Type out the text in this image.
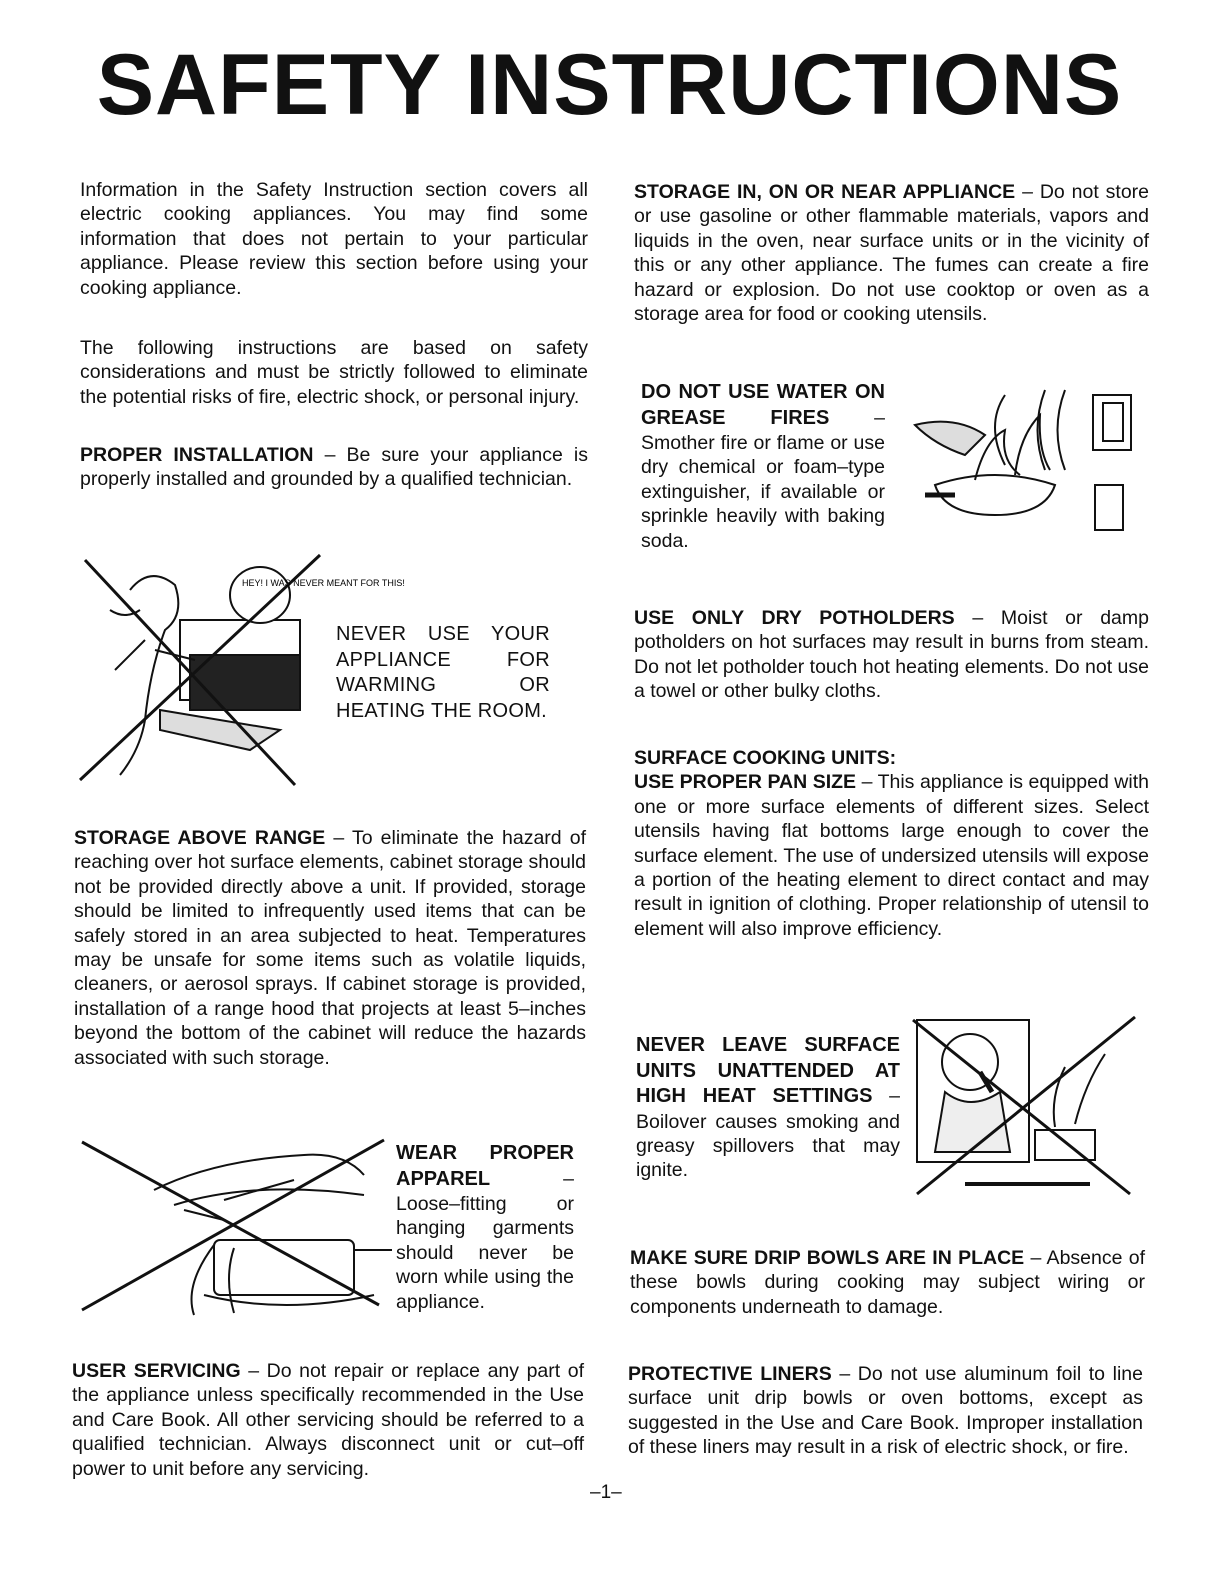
SAFETY INSTRUCTIONS
Information in the Safety Instruction section covers all electric cooking appliances. You may find some information that does not pertain to your particular appliance. Please review this section before using your cooking appliance.
The following instructions are based on safety considerations and must be strictly followed to eliminate the potential risks of fire, electric shock, or personal injury.
PROPER INSTALLATION – Be sure your appliance is properly installed and grounded by a qualified technician.
HEY! I WAS NEVER MEANT FOR THIS!
NEVER USE YOUR APPLIANCE FOR WARMING OR HEATING THE ROOM.
STORAGE ABOVE RANGE – To eliminate the hazard of reaching over hot surface elements, cabinet storage should not be provided directly above a unit. If provided, storage should be limited to infrequently used items that can be safely stored in an area subjected to heat. Temperatures may be unsafe for some items such as volatile liquids, cleaners, or aerosol sprays. If cabinet storage is provided, installation of a range hood that projects at least 5–inches beyond the bottom of the cabinet will reduce the hazards associated with such storage.
WEAR PROPER APPAREL – Loose–fitting or hanging garments should never be worn while using the appliance.
USER SERVICING – Do not repair or replace any part of the appliance unless specifically recommended in the Use and Care Book. All other servicing should be referred to a qualified technician. Always disconnect unit or cut–off power to unit before any servicing.
STORAGE IN, ON OR NEAR APPLIANCE – Do not store or use gasoline or other flammable materials, vapors and liquids in the oven, near surface units or in the vicinity of this or any other appliance. The fumes can create a fire hazard or explosion. Do not use cooktop or oven as a storage area for food or cooking utensils.
DO NOT USE WATER ON GREASE FIRES – Smother fire or flame or use dry chemical or foam–type extinguisher, if available or sprinkle heavily with baking soda.
USE ONLY DRY POTHOLDERS – Moist or damp potholders on hot surfaces may result in burns from steam. Do not let potholder touch hot heating elements. Do not use a towel or other bulky cloths.
SURFACE COOKING UNITS:
USE PROPER PAN SIZE – This appliance is equipped with one or more surface elements of different sizes. Select utensils having flat bottoms large enough to cover the surface element. The use of undersized utensils will expose a portion of the heating element to direct contact and may result in ignition of clothing. Proper relationship of utensil to element will also improve efficiency.
NEVER LEAVE SURFACE UNITS UNATTENDED AT HIGH HEAT SETTINGS – Boilover causes smoking and greasy spillovers that may ignite.
MAKE SURE DRIP BOWLS ARE IN PLACE – Absence of these bowls during cooking may subject wiring or components underneath to damage.
PROTECTIVE LINERS – Do not use aluminum foil to line surface unit drip bowls or oven bottoms, except as suggested in the Use and Care Book. Improper installation of these liners may result in a risk of electric shock, or fire.
–1–
